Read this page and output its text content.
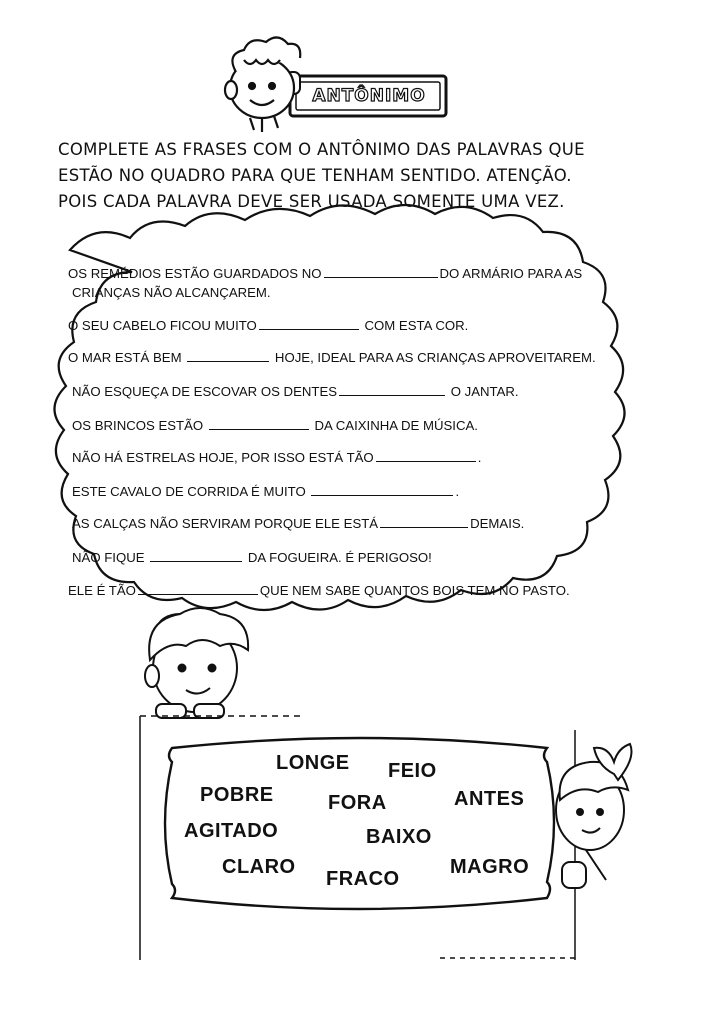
ANTÔNIMO
COMPLETE AS FRASES COM O ANTÔNIMO DAS PALAVRAS QUE
ESTÃO NO QUADRO PARA QUE TENHAM SENTIDO. ATENÇÃO.
POIS CADA PALAVRA DEVE SER USADA SOMENTE UMA VEZ.
OS REMÉDIOS ESTÃO GUARDADOS NO	DO ARMÁRIO PARA AS
CRIANÇAS NÃO ALCANÇAREM.
O SEU CABELO FICOU MUITO	COM ESTA COR.
O MAR ESTÁ BEM	HOJE, IDEAL PARA AS CRIANÇAS APROVEITAREM.
NÃO ESQUEÇA DE ESCOVAR OS DENTES	O JANTAR.
OS BRINCOS ESTÃO	DA CAIXINHA DE MÚSICA.
NÃO HÁ ESTRELAS HOJE, POR ISSO ESTÁ TÃO	.
ESTE CAVALO DE CORRIDA É MUITO	.
AS CALÇAS NÃO SERVIRAM PORQUE ELE ESTÁ	DEMAIS.
NÃO FIQUE	DA FOGUEIRA. É PERIGOSO!
ELE É TÃO	QUE NEM SABE QUANTOS BOIS TEM NO PASTO.
LONGE FEIO
POBRE	FORA	ANTES
AGITADO	BAIXO
CLARO
FRACO
MAGRO
